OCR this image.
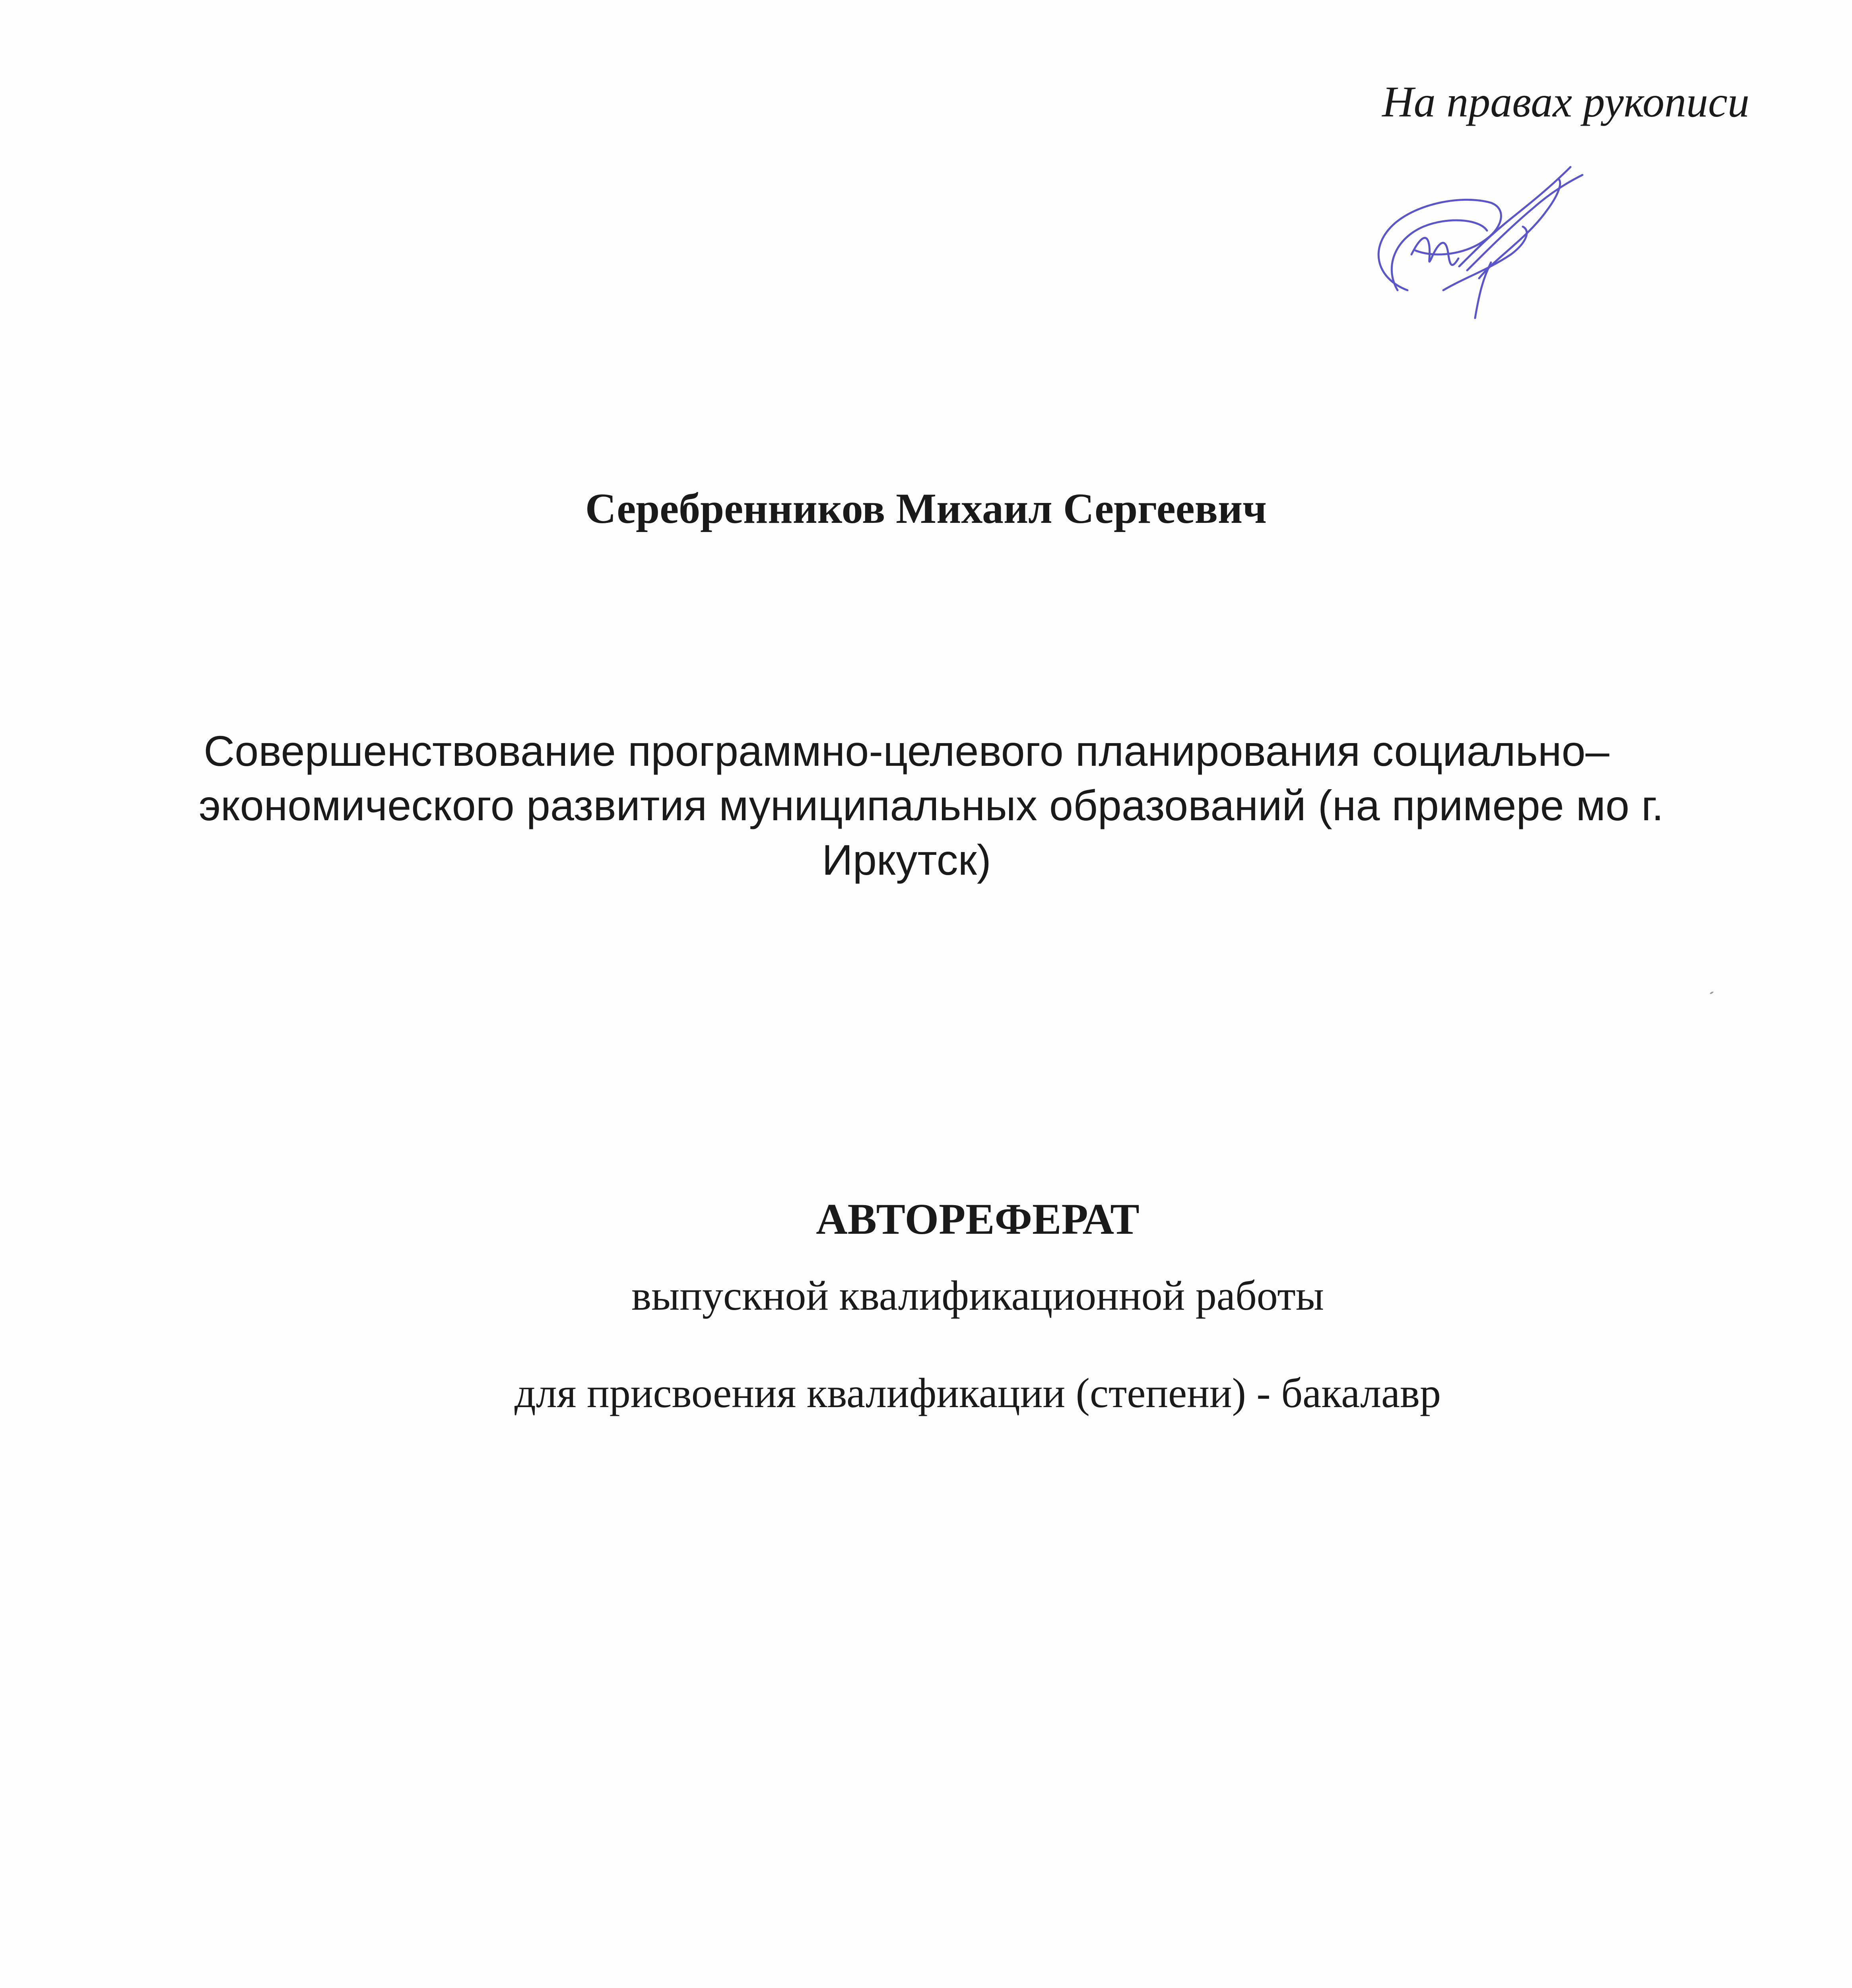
На правах рукописи
Серебренников Михаил Сергеевич
Совершенствование программно-целевого планирования социально–
экономического развития муниципальных образований (на примере мо г.
Иркутск)
АВТОРЕФЕРАТ
выпускной квалификационной работы
для присвоения квалификации (степени) - бакалавр
